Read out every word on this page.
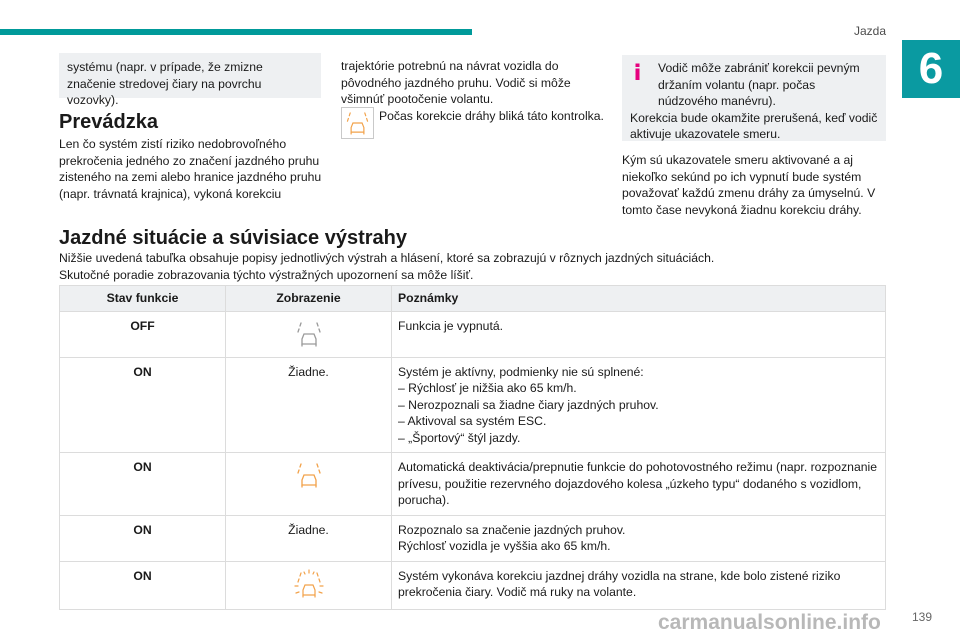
Jazda
6

systému (napr. v prípade, že zmizne značenie stredovej čiary na povrchu vozovky).

Prevádzka

Len čo systém zistí riziko nedobrovoľného prekročenia jedného zo značení jazdného pruhu zisteného na zemi alebo hranice jazdného pruhu (napr. trávnatá krajnica), vykoná korekciu

trajektórie potrebnú na návrat vozidla do pôvodného jazdného pruhu. Vodič si môže všimnúť pootočenie volantu.

Počas korekcie dráhy bliká táto kontrolka.

Vodič môže zabrániť korekcii pevným držaním volantu (napr. počas núdzového manévru).

Korekcia bude okamžite prerušená, keď vodič aktivuje ukazovatele smeru.

Kým sú ukazovatele smeru aktivované a aj niekoľko sekúnd po ich vypnutí bude systém považovať každú zmenu dráhy za úmyselnú. V tomto čase nevykoná žiadnu korekciu dráhy.

Jazdné situácie a súvisiace výstrahy

Nižšie uvedená tabuľka obsahuje popisy jednotlivých výstrah a hlásení, ktoré sa zobrazujú v rôznych jazdných situáciách.

Skutočné poradie zobrazovania týchto výstražných upozornení sa môže líšiť.

Stav funkcie	Zobrazenie	Poznámky
OFF		Funkcia je vypnutá.

ON	Žiadne.	Systém je aktívny, podmienky nie sú splnené:
– Rýchlosť je nižšia ako 65 km/h.
– Nerozpoznali sa žiadne čiary jazdných pruhov.
– Aktivoval sa systém ESC.
– „Športový“ štýl jazdy.

ON		Automatická deaktivácia/prepnutie funkcie do pohotovostného režimu (napr. rozpoznanie prívesu, použitie rezervného dojazdového kolesa „úzkeho typu“ dodaného s vozidlom, porucha).

ON	Žiadne.	Rozpoznalo sa značenie jazdných pruhov.
Rýchlosť vozidla je vyššia ako 65 km/h.

ON		Systém vykonáva korekciu jazdnej dráhy vozidla na strane, kde bolo zistené riziko prekročenia čiary. Vodič má ruky na volante.
carmanualsonline.info	139
